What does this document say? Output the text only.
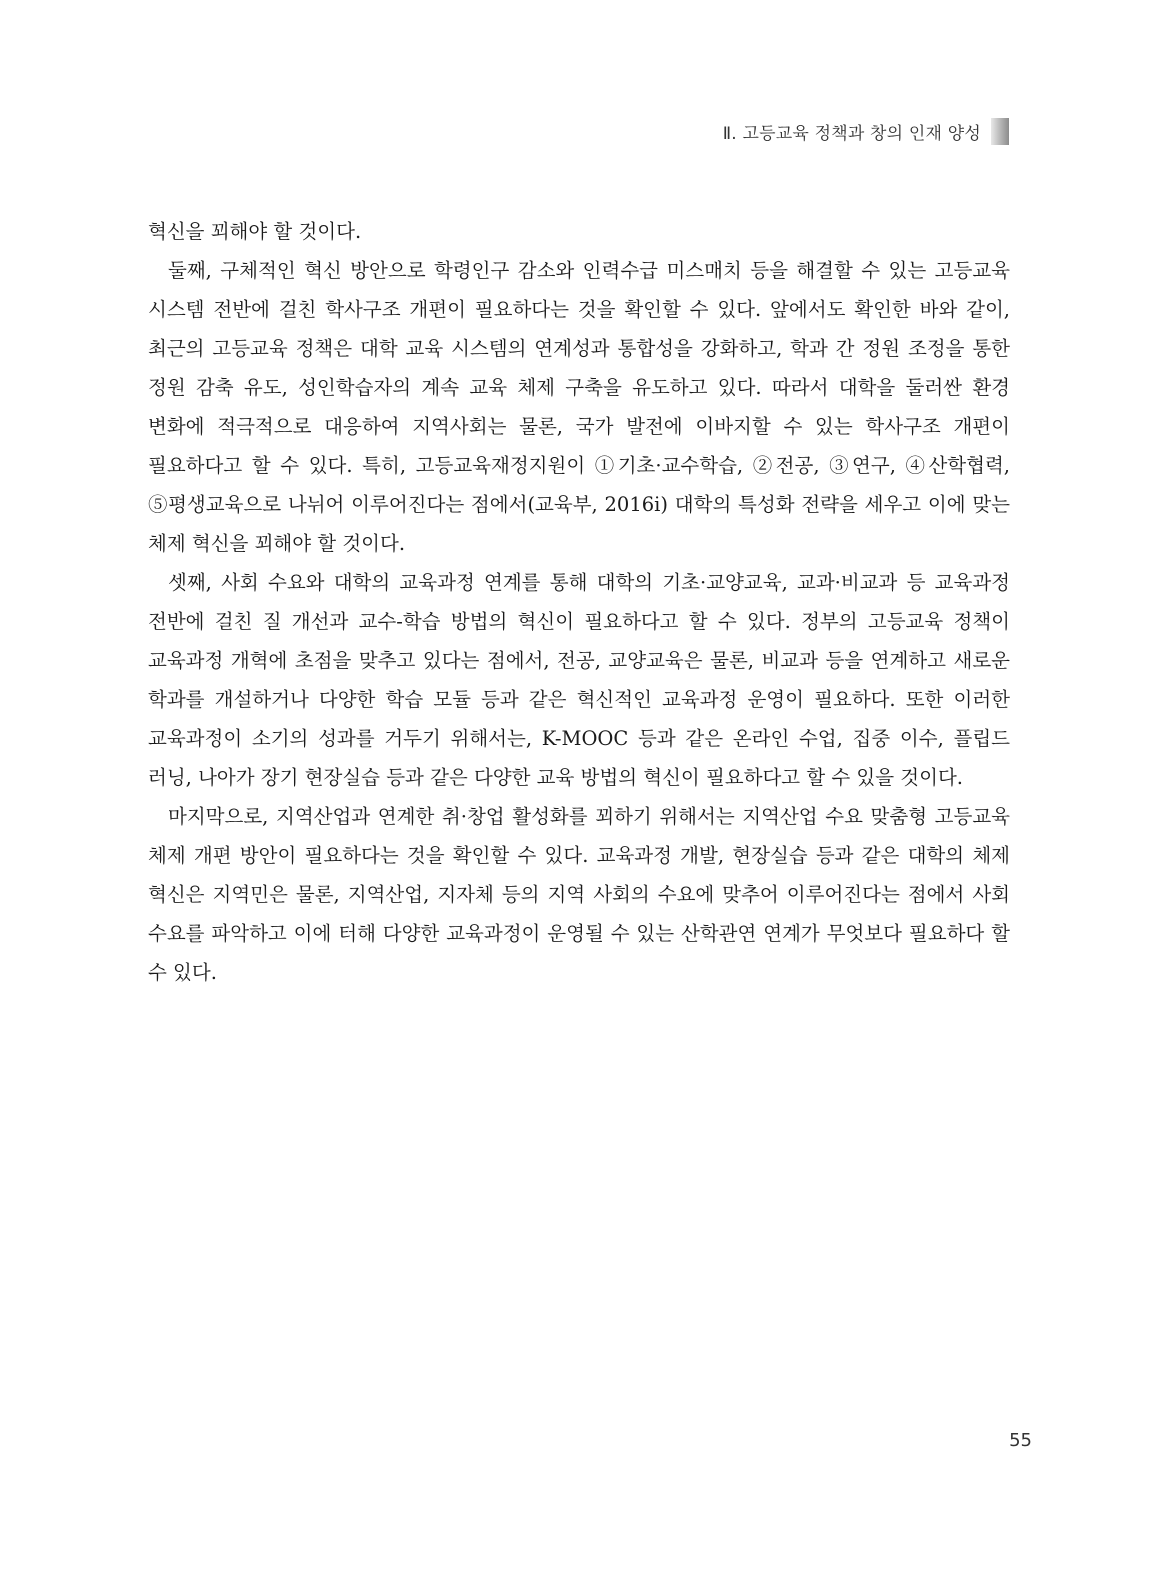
Ⅱ. 고등교육 정책과 창의 인재 양성

혁신을 꾀해야 할 것이다.

둘째, 구체적인 혁신 방안으로 학령인구 감소와 인력수급 미스매치 등을 해결할 수 있는 고등교육 시스템 전반에 걸친 학사구조 개편이 필요하다는 것을 확인할 수 있다. 앞에서도 확인한 바와 같이, 최근의 고등교육 정책은 대학 교육 시스템의 연계성과 통합성을 강화하고, 학과 간 정원 조정을 통한 정원 감축 유도, 성인학습자의 계속 교육 체제 구축을 유도하고 있다. 따라서 대학을 둘러싼 환경 변화에 적극적으로 대응하여 지역사회는 물론, 국가 발전에 이바지할 수 있는 학사구조 개편이 필요하다고 할 수 있다. 특히, 고등교육재정지원이 ①기초·교수학습, ②전공, ③연구, ④산학협력, ⑤평생교육으로 나뉘어 이루어진다는 점에서(교육부, 2016i) 대학의 특성화 전략을 세우고 이에 맞는 체제 혁신을 꾀해야 할 것이다.

셋째, 사회 수요와 대학의 교육과정 연계를 통해 대학의 기초·교양교육, 교과·비교과 등 교육과정 전반에 걸친 질 개선과 교수-학습 방법의 혁신이 필요하다고 할 수 있다. 정부의 고등교육 정책이 교육과정 개혁에 초점을 맞추고 있다는 점에서, 전공, 교양교육은 물론, 비교과 등을 연계하고 새로운 학과를 개설하거나 다양한 학습 모듈 등과 같은 혁신적인 교육과정 운영이 필요하다. 또한 이러한 교육과정이 소기의 성과를 거두기 위해서는, K-MOOC 등과 같은 온라인 수업, 집중 이수, 플립드 러닝, 나아가 장기 현장실습 등과 같은 다양한 교육 방법의 혁신이 필요하다고 할 수 있을 것이다.

마지막으로, 지역산업과 연계한 취·창업 활성화를 꾀하기 위해서는 지역산업 수요 맞춤형 고등교육 체제 개편 방안이 필요하다는 것을 확인할 수 있다. 교육과정 개발, 현장실습 등과 같은 대학의 체제 혁신은 지역민은 물론, 지역산업, 지자체 등의 지역 사회의 수요에 맞추어 이루어진다는 점에서 사회 수요를 파악하고 이에 터해 다양한 교육과정이 운영될 수 있는 산학관연 연계가 무엇보다 필요하다 할 수 있다.

55
